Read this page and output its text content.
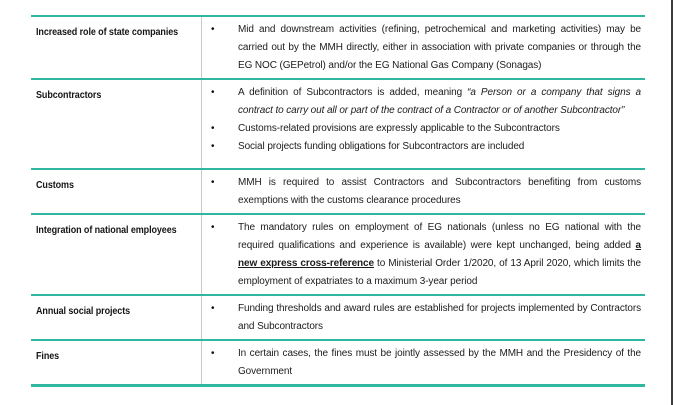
Increased role of state companies	•	Mid and downstream activities (refining, petrochemical and marketing activities) may be carried out by the MMH directly, either in association with private companies or through the EG NOC (GEPetrol) and/or the EG National Gas Company (Sonagas)
Subcontractors	•	A definition of Subcontractors is added, meaning “a Person or a company that signs a contract to carry out all or part of the contract of a Contractor or of another Subcontractor”
•	Customs-related provisions are expressly applicable to the Subcontractors
•	Social projects funding obligations for Subcontractors are included
Customs	•	MMH is required to assist Contractors and Subcontractors benefiting from customs exemptions with the customs clearance procedures
Integration of national employees	•	The mandatory rules on employment of EG nationals (unless no EG national with the required qualifications and experience is available) were kept unchanged, being added a new express cross-reference to Ministerial Order 1/2020, of 13 April 2020, which limits the employment of expatriates to a maximum 3-year period
Annual social projects	•	Funding thresholds and award rules are established for projects implemented by Contractors and Subcontractors
Fines	•	In certain cases, the fines must be jointly assessed by the MMH and the Presidency of the Government
